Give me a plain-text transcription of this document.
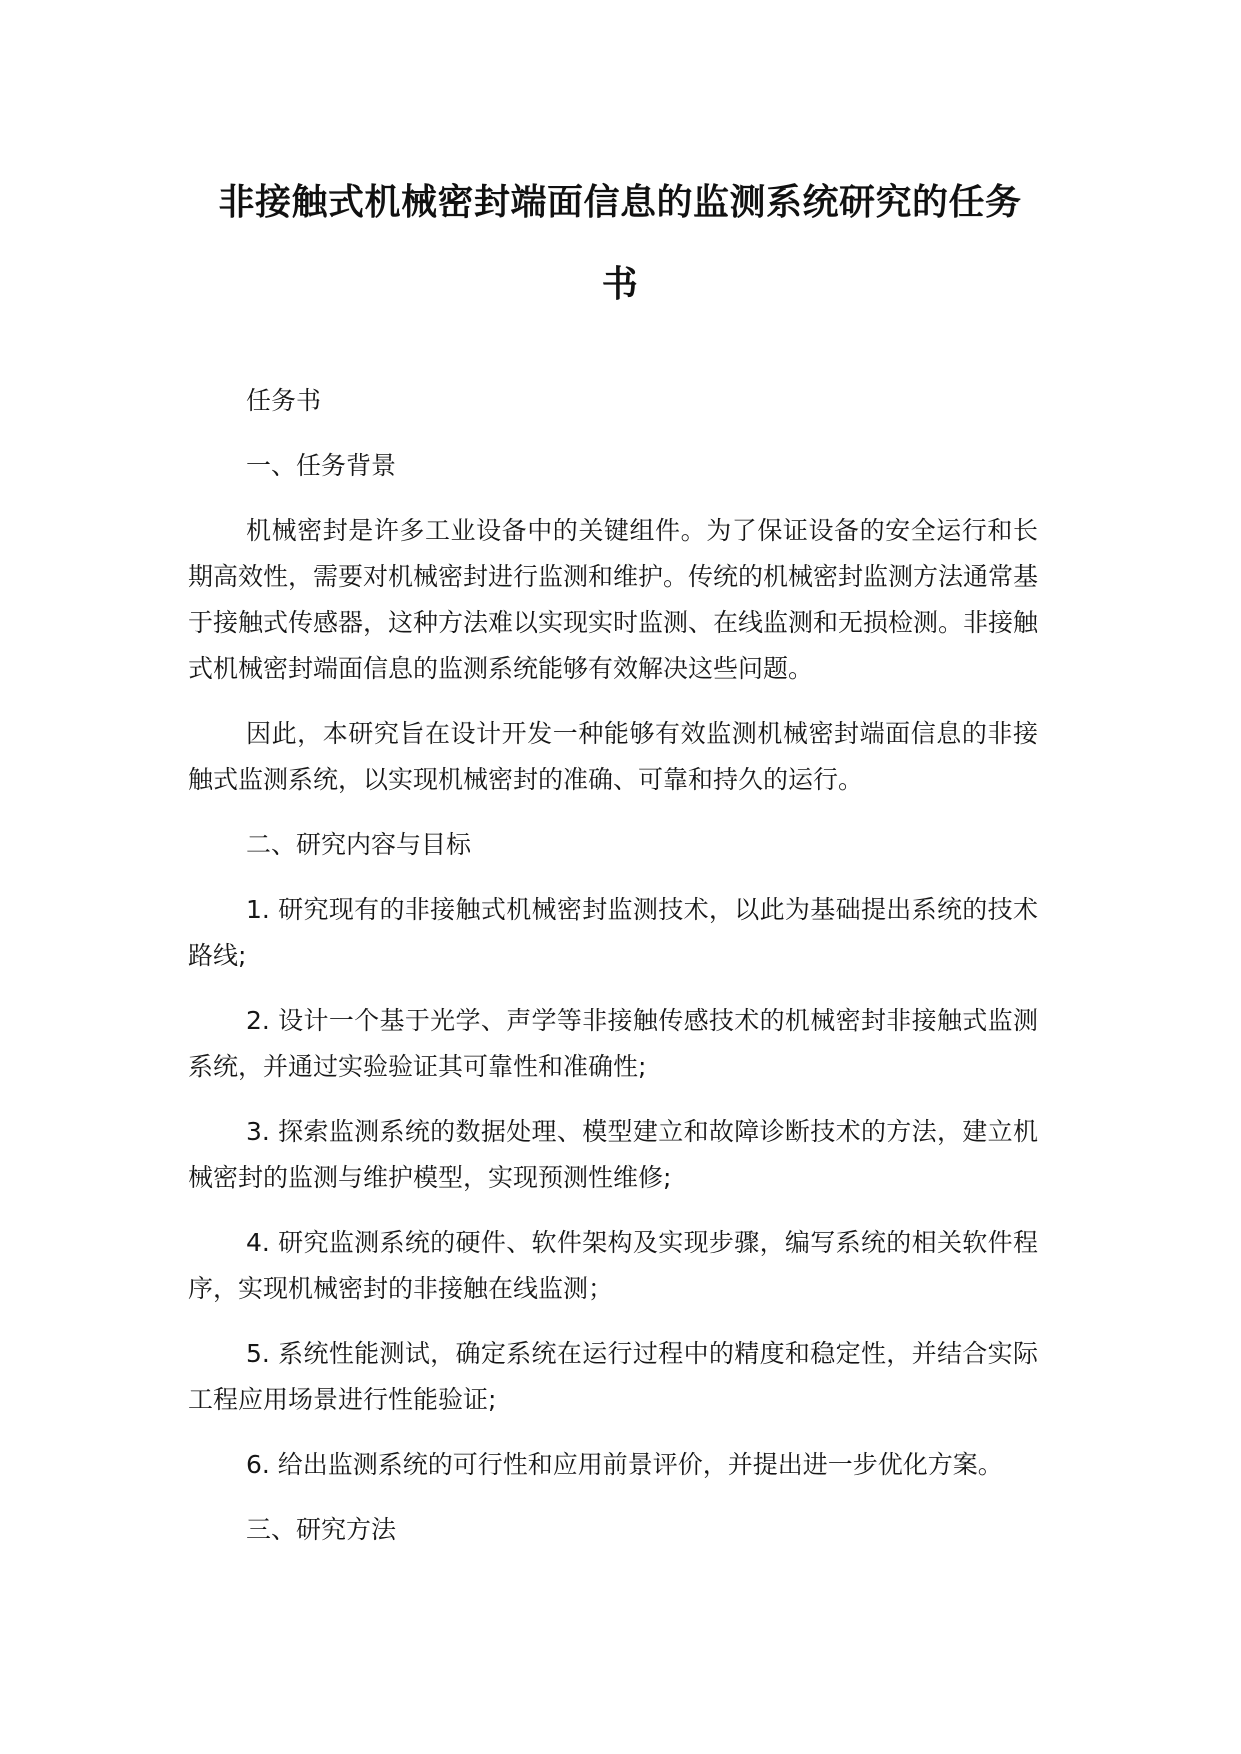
非接触式机械密封端面信息的监测系统研究的任务
书

任务书

一、任务背景

机械密封是许多工业设备中的关键组件。为了保证设备的安全运行和长期高效性，需要对机械密封进行监测和维护。传统的机械密封监测方法通常基于接触式传感器，这种方法难以实现实时监测、在线监测和无损检测。非接触式机械密封端面信息的监测系统能够有效解决这些问题。

因此，本研究旨在设计开发一种能够有效监测机械密封端面信息的非接触式监测系统，以实现机械密封的准确、可靠和持久的运行。

二、研究内容与目标

1. 研究现有的非接触式机械密封监测技术，以此为基础提出系统的技术路线;

2. 设计一个基于光学、声学等非接触传感技术的机械密封非接触式监测系统，并通过实验验证其可靠性和准确性;

3. 探索监测系统的数据处理、模型建立和故障诊断技术的方法，建立机械密封的监测与维护模型，实现预测性维修;

4. 研究监测系统的硬件、软件架构及实现步骤，编写系统的相关软件程序，实现机械密封的非接触在线监测；

5. 系统性能测试，确定系统在运行过程中的精度和稳定性，并结合实际工程应用场景进行性能验证;

6. 给出监测系统的可行性和应用前景评价，并提出进一步优化方案。

三、研究方法
